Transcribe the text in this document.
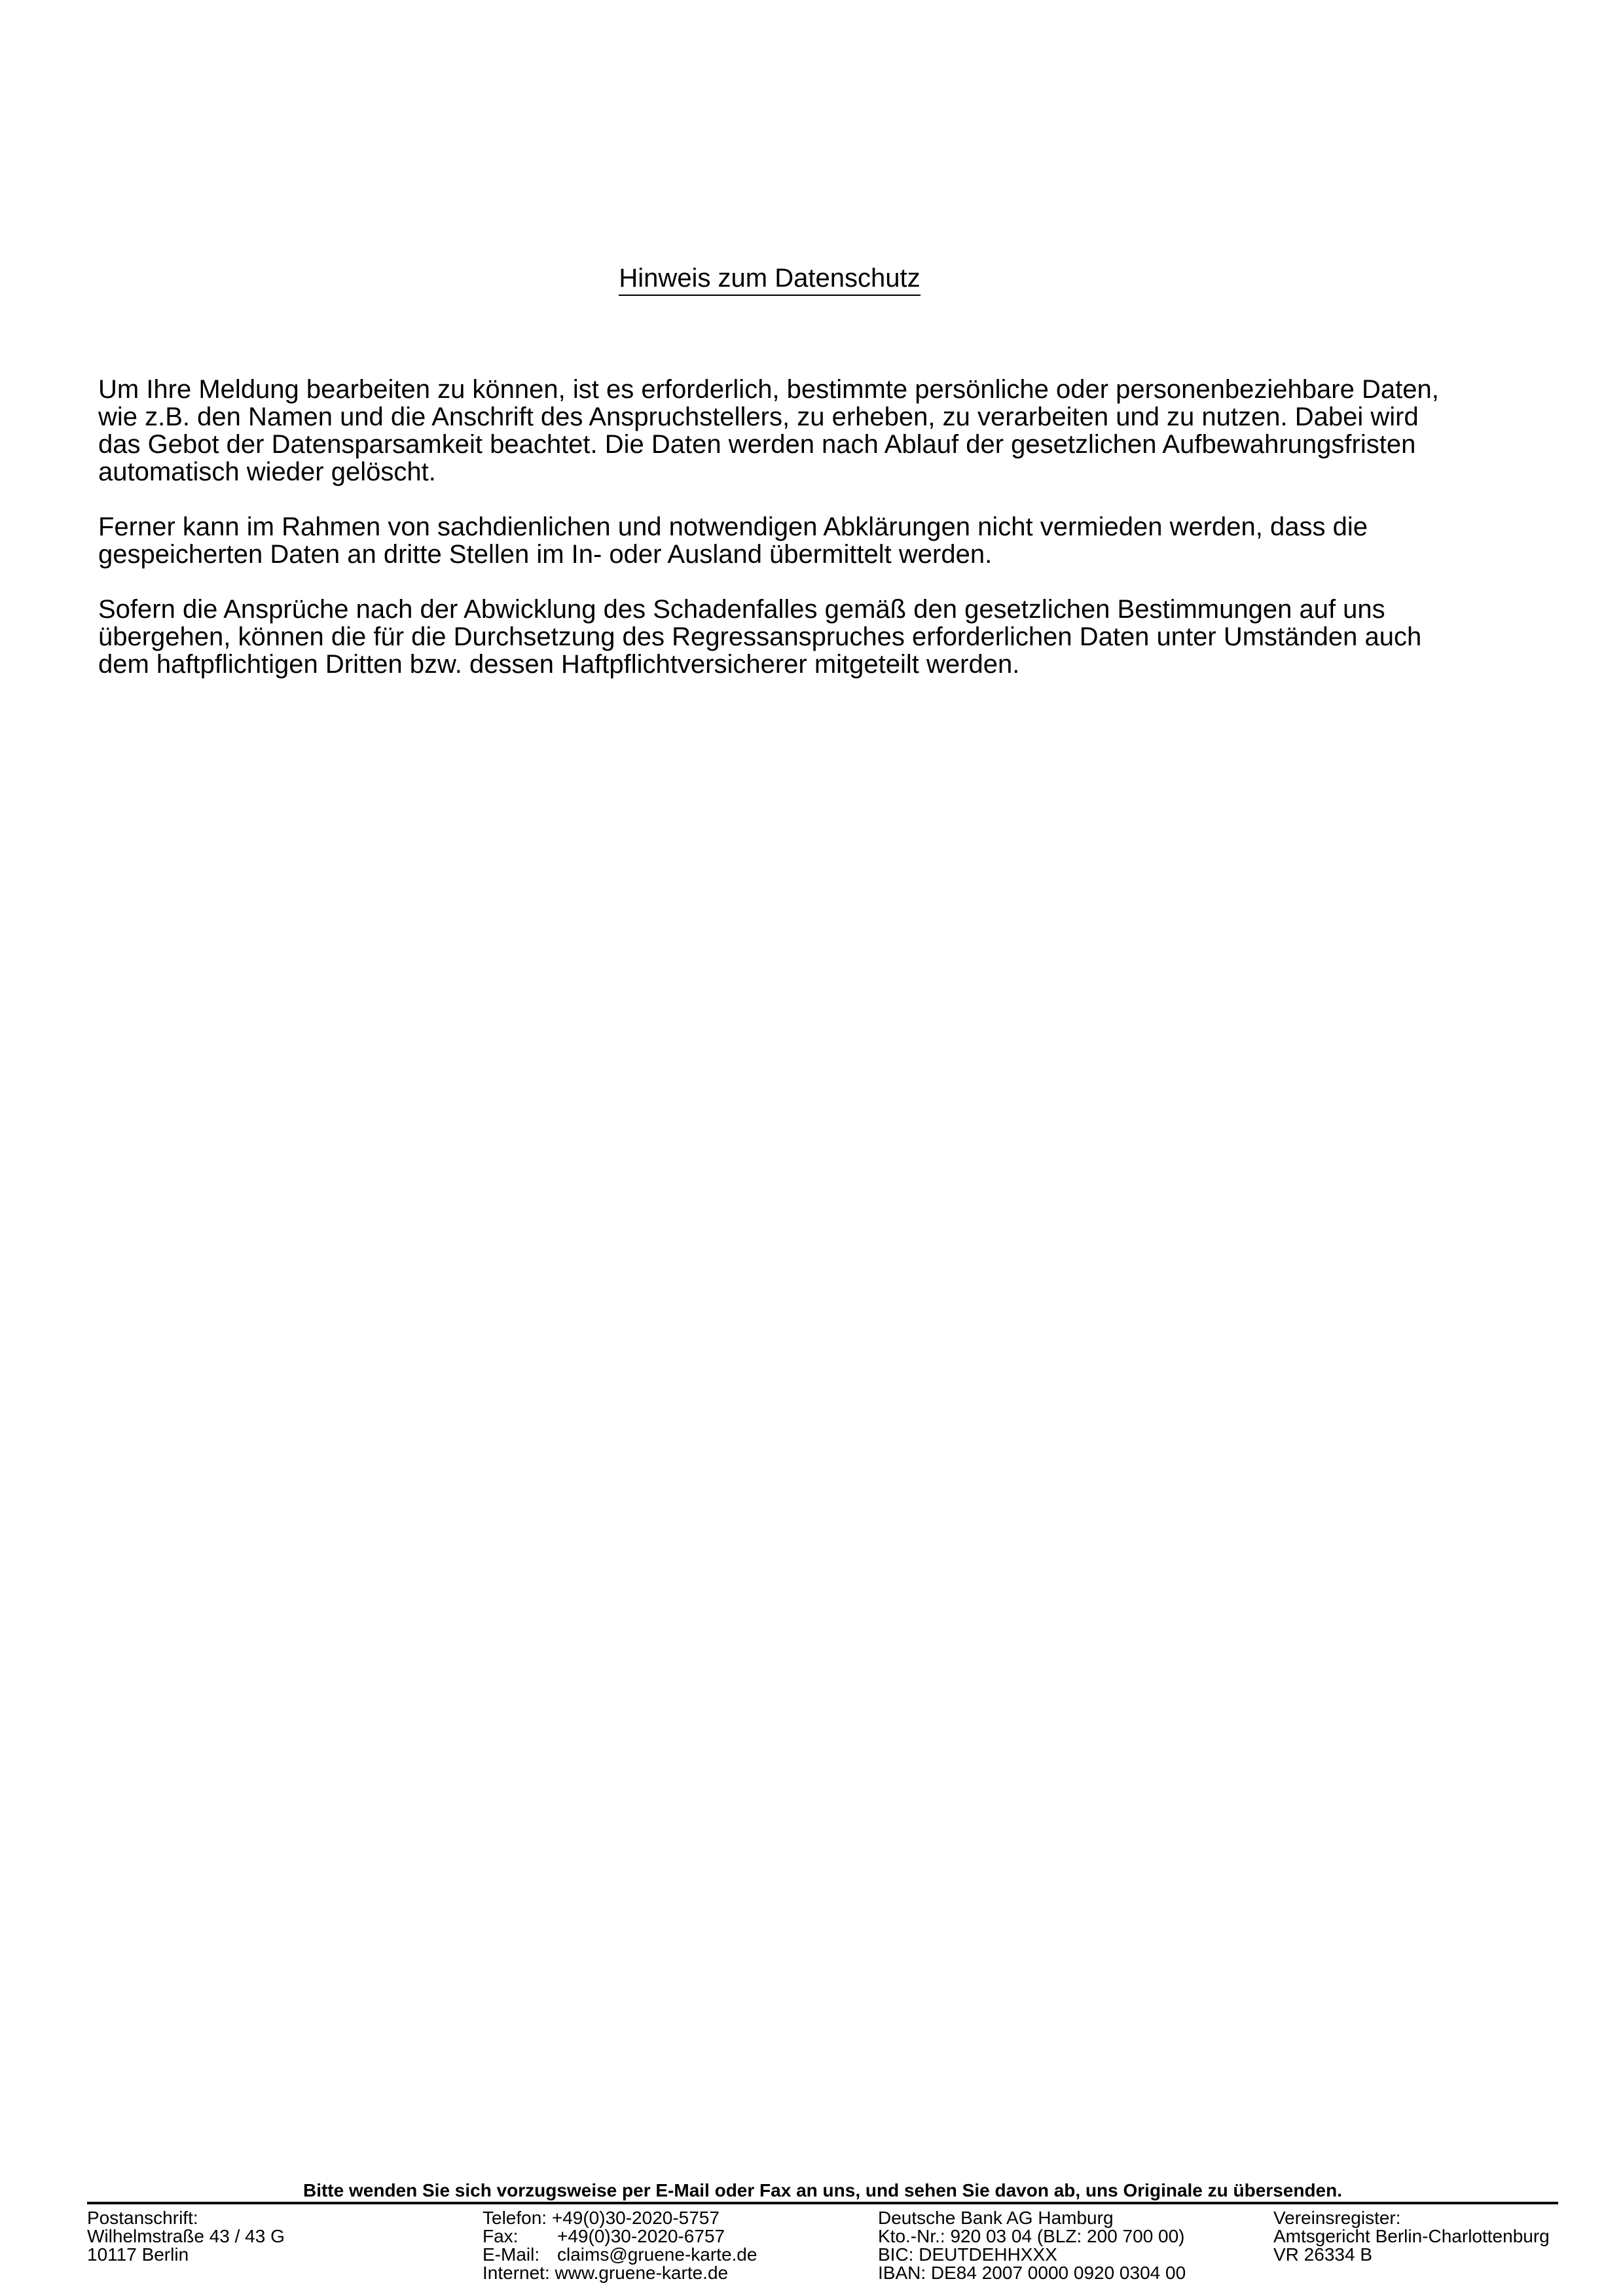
Hinweis zum Datenschutz

Um Ihre Meldung bearbeiten zu können, ist es erforderlich, bestimmte persönliche oder personenbeziehbare Daten,
wie z.B. den Namen und die Anschrift des Anspruchstellers, zu erheben, zu verarbeiten und zu nutzen. Dabei wird
das Gebot der Datensparsamkeit beachtet. Die Daten werden nach Ablauf der gesetzlichen Aufbewahrungsfristen
automatisch wieder gelöscht.

Ferner kann im Rahmen von sachdienlichen und notwendigen Abklärungen nicht vermieden werden, dass die
gespeicherten Daten an dritte Stellen im In- oder Ausland übermittelt werden.

Sofern die Ansprüche nach der Abwicklung des Schadenfalles gemäß den gesetzlichen Bestimmungen auf uns
übergehen, können die für die Durchsetzung des Regressanspruches erforderlichen Daten unter Umständen auch
dem haftpflichtigen Dritten bzw. dessen Haftpflichtversicherer mitgeteilt werden.

Bitte wenden Sie sich vorzugsweise per E-Mail oder Fax an uns, und sehen Sie davon ab, uns Originale zu übersenden.
Postanschrift:
Wilhelmstraße 43 / 43 G
10117 Berlin
Telefon: +49(0)30-2020-5757
Fax: +49(0)30-2020-6757
E-Mail: claims@gruene-karte.de
Internet: www.gruene-karte.de
Deutsche Bank AG Hamburg
Kto.-Nr.: 920 03 04 (BLZ: 200 700 00)
BIC: DEUTDEHHXXX
IBAN: DE84 2007 0000 0920 0304 00
Vereinsregister:
Amtsgericht Berlin-Charlottenburg
VR 26334 B
